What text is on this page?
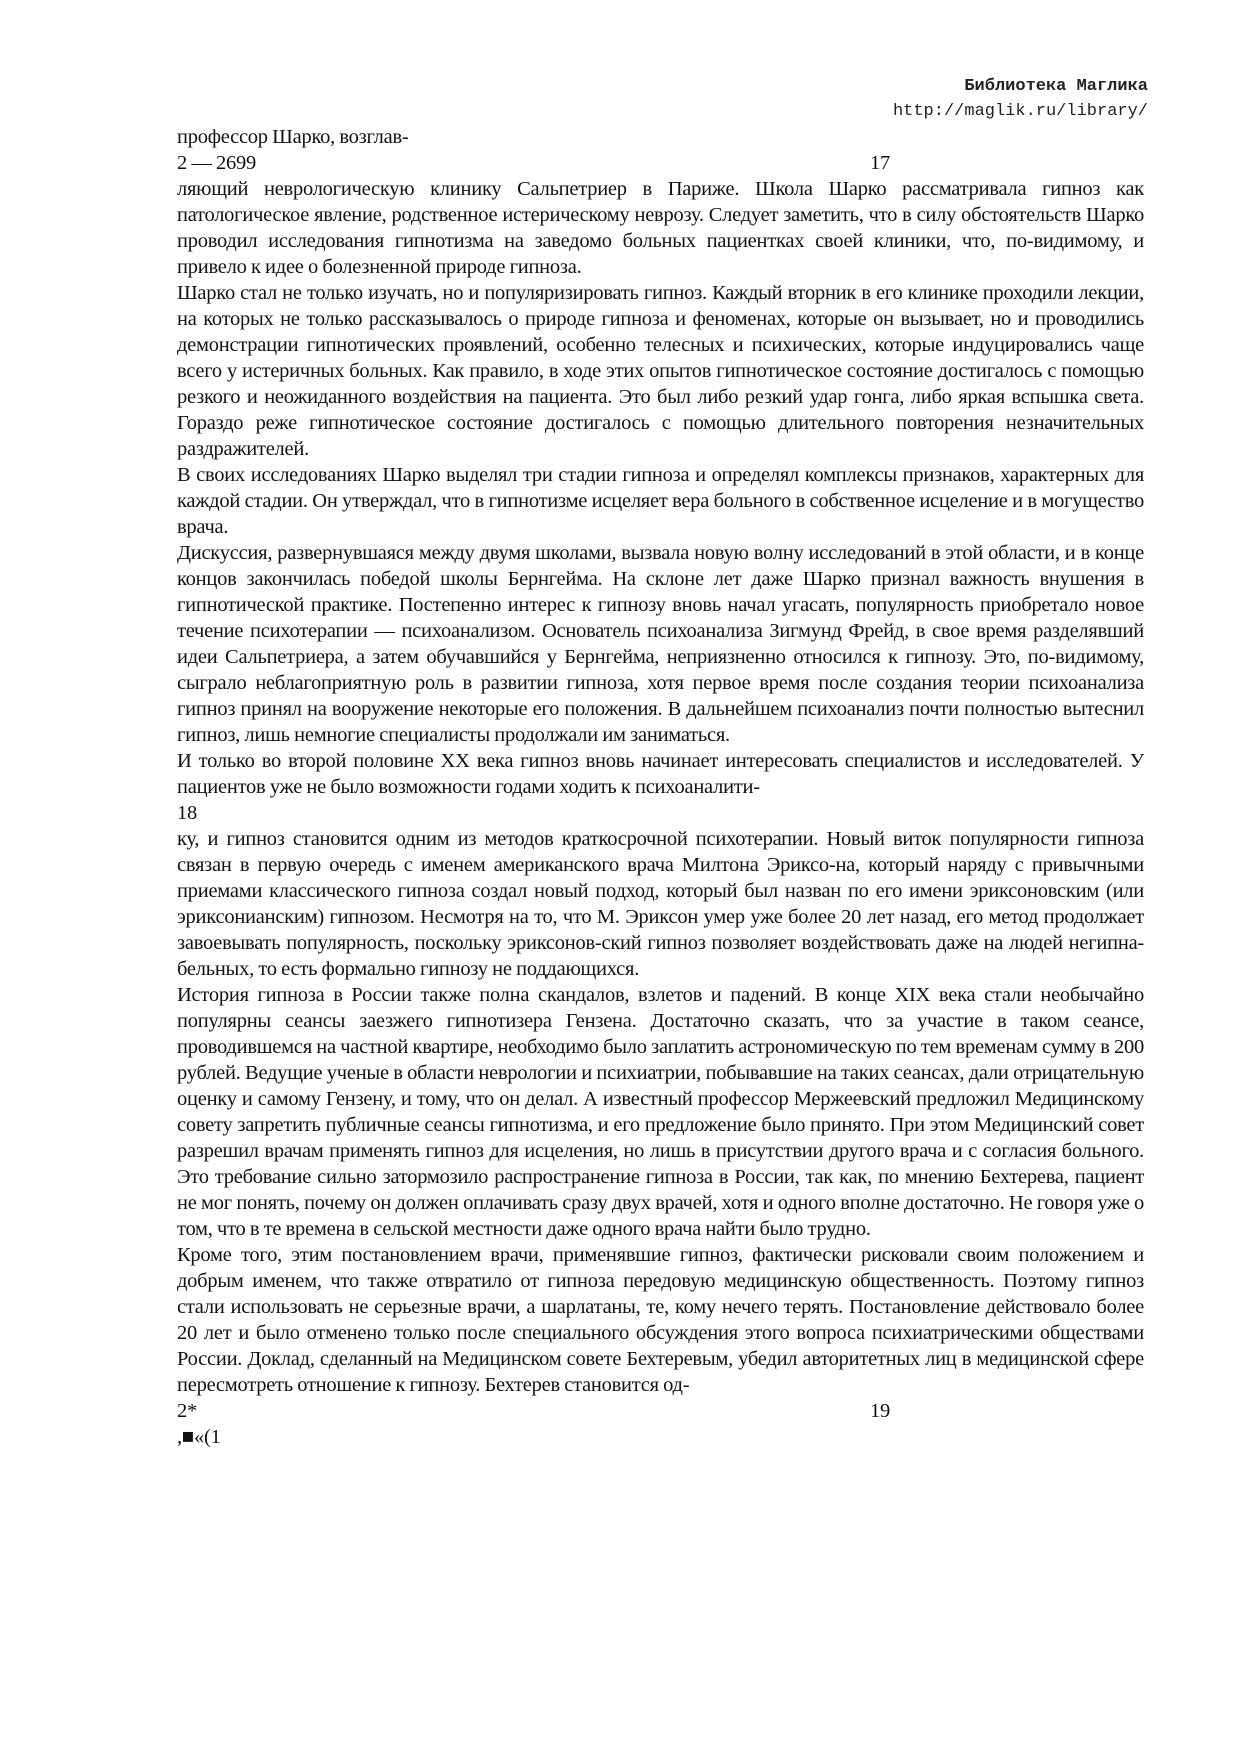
Библиотека Маглика
http://maglik.ru/library/
профессор Шарко, возглав-
2 — 2699	17

ляющий неврологическую клинику Сальпетриер в Париже. Школа Шарко рассматривала гипноз как патологическое явление, родственное истерическому неврозу. Следует заметить, что в силу обстоятельств Шарко проводил исследования гипнотизма на заведомо больных пациентках своей клиники, что, по-видимому, и привело к идее о болезненной природе гипноза.

Шарко стал не только изучать, но и популяризировать гипноз. Каждый вторник в его клинике проходили лекции, на которых не только рассказывалось о природе гипноза и феноменах, которые он вызывает, но и проводились демонстрации гипнотических проявлений, особенно телесных и психических, которые индуцировались чаще всего у истеричных больных. Как правило, в ходе этих опытов гипнотическое состояние достигалось с помощью резкого и неожиданного воздействия на пациента. Это был либо резкий удар гонга, либо яркая вспышка света. Гораздо реже гипнотическое состояние достигалось с помощью длительного повторения незначительных раздражителей.

В своих исследованиях Шарко выделял три стадии гипноза и определял комплексы признаков, характерных для каждой стадии. Он утверждал, что в гипнотизме исцеляет вера больного в собственное исцеление и в могущество врача.

Дискуссия, развернувшаяся между двумя школами, вызвала новую волну исследований в этой области, и в конце концов закончилась победой школы Бернгейма. На склоне лет даже Шарко признал важность внушения в гипнотической практике. Постепенно интерес к гипнозу вновь начал угасать, популярность приобретало новое течение психотерапии — психоанализом. Основатель психоанализа Зигмунд Фрейд, в свое время разделявший идеи Сальпетриера, а затем обучавшийся у Бернгейма, неприязненно относился к гипнозу. Это, по-видимому, сыграло неблагоприятную роль в развитии гипноза, хотя первое время после создания теории психоанализа гипноз принял на вооружение некоторые его положения. В дальнейшем психоанализ почти полностью вытеснил гипноз, лишь немногие специалисты продолжали им заниматься.

И только во второй половине XX века гипноз вновь начинает интересовать специалистов и исследователей. У пациентов уже не было возможности годами ходить к психоаналити-

18

ку, и гипноз становится одним из методов краткосрочной психотерапии. Новый виток популярности гипноза связан в первую очередь с именем американского врача Милтона Эриксо-на, который наряду с привычными приемами классического гипноза создал новый подход, который был назван по его имени эриксоновским (или эриксонианским) гипнозом. Несмотря на то, что М. Эриксон умер уже более 20 лет назад, его метод продолжает завоевывать популярность, поскольку эриксонов-ский гипноз позволяет воздействовать даже на людей негипна-бельных, то есть формально гипнозу не поддающихся.

История гипноза в России также полна скандалов, взлетов и падений. В конце XIX века стали необычайно популярны сеансы заезжего гипнотизера Гензена. Достаточно сказать, что за участие в таком сеансе, проводившемся на частной квартире, необходимо было заплатить астрономическую по тем временам сумму в 200 рублей. Ведущие ученые в области неврологии и психиатрии, побывавшие на таких сеансах, дали отрицательную оценку и самому Гензену, и тому, что он делал. А известный профессор Мержеевский предложил Медицинскому совету запретить публичные сеансы гипнотизма, и его предложение было принято. При этом Медицинский совет разрешил врачам применять гипноз для исцеления, но лишь в присутствии другого врача и с согласия больного. Это требование сильно затормозило распространение гипноза в России, так как, по мнению Бехтерева, пациент не мог понять, почему он должен оплачивать сразу двух врачей, хотя и одного вполне достаточно. Не говоря уже о том, что в те времена в сельской местности даже одного врача найти было трудно.

Кроме того, этим постановлением врачи, применявшие гипноз, фактически рисковали своим положением и добрым именем, что также отвратило от гипноза передовую медицинскую общественность. Поэтому гипноз стали использовать не серьезные врачи, а шарлатаны, те, кому нечего терять. Постановление действовало более 20 лет и было отменено только после специального обсуждения этого вопроса психиатрическими обществами России. Доклад, сделанный на Медицинском совете Бехтеревым, убедил авторитетных лиц в медицинской сфере пересмотреть отношение к гипнозу. Бехтерев становится од-

2*	19
,■«(1
